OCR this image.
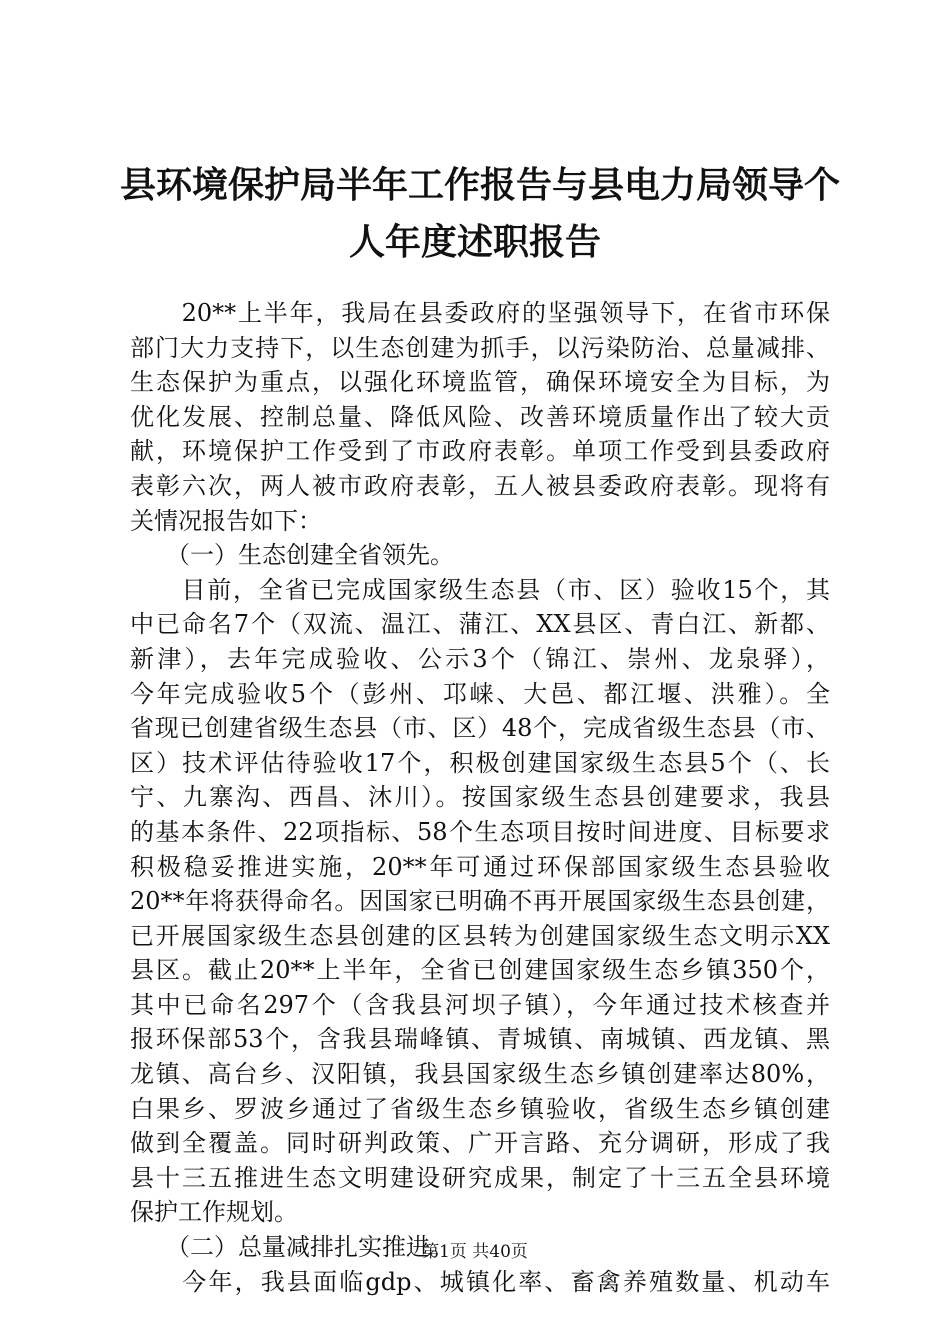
县环境保护局半年工作报告与县电力局领导个
人年度述职报告
　　20**上半年，我局在县委政府的坚强领导下，在省市环保
部门大力支持下，以生态创建为抓手，以污染防治、总量减排、
生态保护为重点，以强化环境监管，确保环境安全为目标，为
优化发展、控制总量、降低风险、改善环境质量作出了较大贡
献，环境保护工作受到了市政府表彰。单项工作受到县委政府
表彰六次，两人被市政府表彰，五人被县委政府表彰。现将有
关情况报告如下：
　　（一）生态创建全省领先。
　　目前，全省已完成国家级生态县（市、区）验收15个，其
中已命名7个（双流、温江、蒲江、XX县区、青白江、新都、
新津），去年完成验收、公示3个（锦江、崇州、龙泉驿），
今年完成验收5个（彭州、邛崃、大邑、都江堰、洪雅）。全
省现已创建省级生态县（市、区）48个，完成省级生态县（市、
区）技术评估待验收17个，积极创建国家级生态县5个（、长
宁、九寨沟、西昌、沐川）。按国家级生态县创建要求，我县
的基本条件、22项指标、58个生态项目按时间进度、目标要求
积极稳妥推进实施，20**年可通过环保部国家级生态县验收
20**年将获得命名。因国家已明确不再开展国家级生态县创建，
已开展国家级生态县创建的区县转为创建国家级生态文明示XX
县区。截止20**上半年，全省已创建国家级生态乡镇350个，
其中已命名297个（含我县河坝子镇），今年通过技术核查并
报环保部53个，含我县瑞峰镇、青城镇、南城镇、西龙镇、黑
龙镇、高台乡、汉阳镇，我县国家级生态乡镇创建率达80%，
白果乡、罗波乡通过了省级生态乡镇验收，省级生态乡镇创建
做到全覆盖。同时研判政策、广开言路、充分调研，形成了我
县十三五推进生态文明建设研究成果，制定了十三五全县环境
保护工作规划。
　　（二）总量减排扎实推进。
　　今年，我县面临gdp、城镇化率、畜禽养殖数量、机动车
第1页 共40页
